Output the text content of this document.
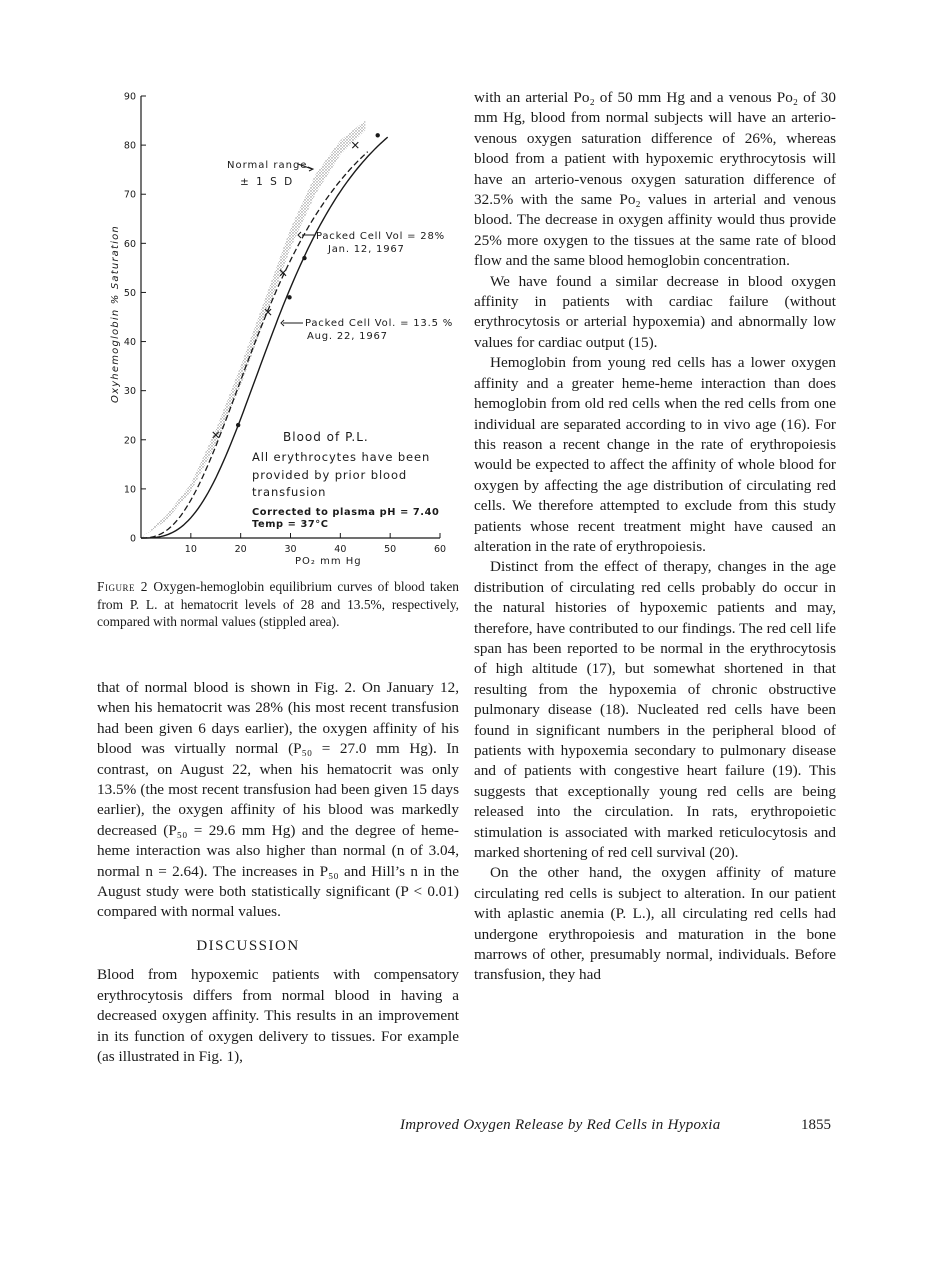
0
10
20
30
40
50
60
70
80
90
10	20	30	40	50	60
Normal range
± 1 S D
Packed Cell Vol = 28%
Jan. 12, 1967
Packed Cell Vol. = 13.5 %
Aug. 22, 1967
Blood of P.L.
All erythrocytes have been
provided by prior blood
transfusion
Corrected to plasma pH = 7.40
Temp = 37°C
Oxyhemoglobin % Saturation
PO₂ mm Hg
Figure 2 Oxygen-hemoglobin equilibrium curves of blood taken from P. L. at hematocrit levels of 28 and 13.5%, respectively, compared with normal values (stippled area).

that of normal blood is shown in Fig. 2. On January 12, when his hematocrit was 28% (his most recent transfusion had been given 6 days earlier), the oxygen affinity of his blood was virtually normal (P₅₀ = 27.0 mm Hg). In contrast, on August 22, when his hematocrit was only 13.5% (the most recent transfusion had been given 15 days earlier), the oxygen affinity of his blood was markedly decreased (P₅₀ = 29.6 mm Hg) and the degree of heme-heme interaction was also higher than normal (n of 3.04, normal n = 2.64). The increases in P₅₀ and Hill’s n in the August study were both statistically significant (P < 0.01) compared with normal values.

DISCUSSION

Blood from hypoxemic patients with compensatory erythrocytosis differs from normal blood in having a decreased oxygen affinity. This results in an improvement in its function of oxygen delivery to tissues. For example (as illustrated in Fig. 1),

with an arterial Po₂ of 50 mm Hg and a venous Po₂ of 30 mm Hg, blood from normal subjects will have an arterio-venous oxygen saturation difference of 26%, whereas blood from a patient with hypoxemic erythrocytosis will have an arterio-venous oxygen saturation difference of 32.5% with the same Po₂ values in arterial and venous blood. The decrease in oxygen affinity would thus provide 25% more oxygen to the tissues at the same rate of blood flow and the same blood hemoglobin concentration.

We have found a similar decrease in blood oxygen affinity in patients with cardiac failure (without erythrocytosis or arterial hypoxemia) and abnormally low values for cardiac output (15).

Hemoglobin from young red cells has a lower oxygen affinity and a greater heme-heme interaction than does hemoglobin from old red cells when the red cells from one individual are separated according to in vivo age (16). For this reason a recent change in the rate of erythropoiesis would be expected to affect the affinity of whole blood for oxygen by affecting the age distribution of circulating red cells. We therefore attempted to exclude from this study patients whose recent treatment might have caused an alteration in the rate of erythropoiesis.

Distinct from the effect of therapy, changes in the age distribution of circulating red cells probably do occur in the natural histories of hypoxemic patients and may, therefore, have contributed to our findings. The red cell life span has been reported to be normal in the erythrocytosis of high altitude (17), but somewhat shortened in that resulting from the hypoxemia of chronic obstructive pulmonary disease (18). Nucleated red cells have been found in significant numbers in the peripheral blood of patients with hypoxemia secondary to pulmonary disease and of patients with congestive heart failure (19). This suggests that exceptionally young red cells are being released into the circulation. In rats, erythropoietic stimulation is associated with marked reticulocytosis and marked shortening of red cell survival (20).

On the other hand, the oxygen affinity of mature circulating red cells is subject to alteration. In our patient with aplastic anemia (P. L.), all circulating red cells had undergone erythropoiesis and maturation in the bone marrows of other, presumably normal, individuals. Before transfusion, they had

Improved Oxygen Release by Red Cells in Hypoxia	1855
